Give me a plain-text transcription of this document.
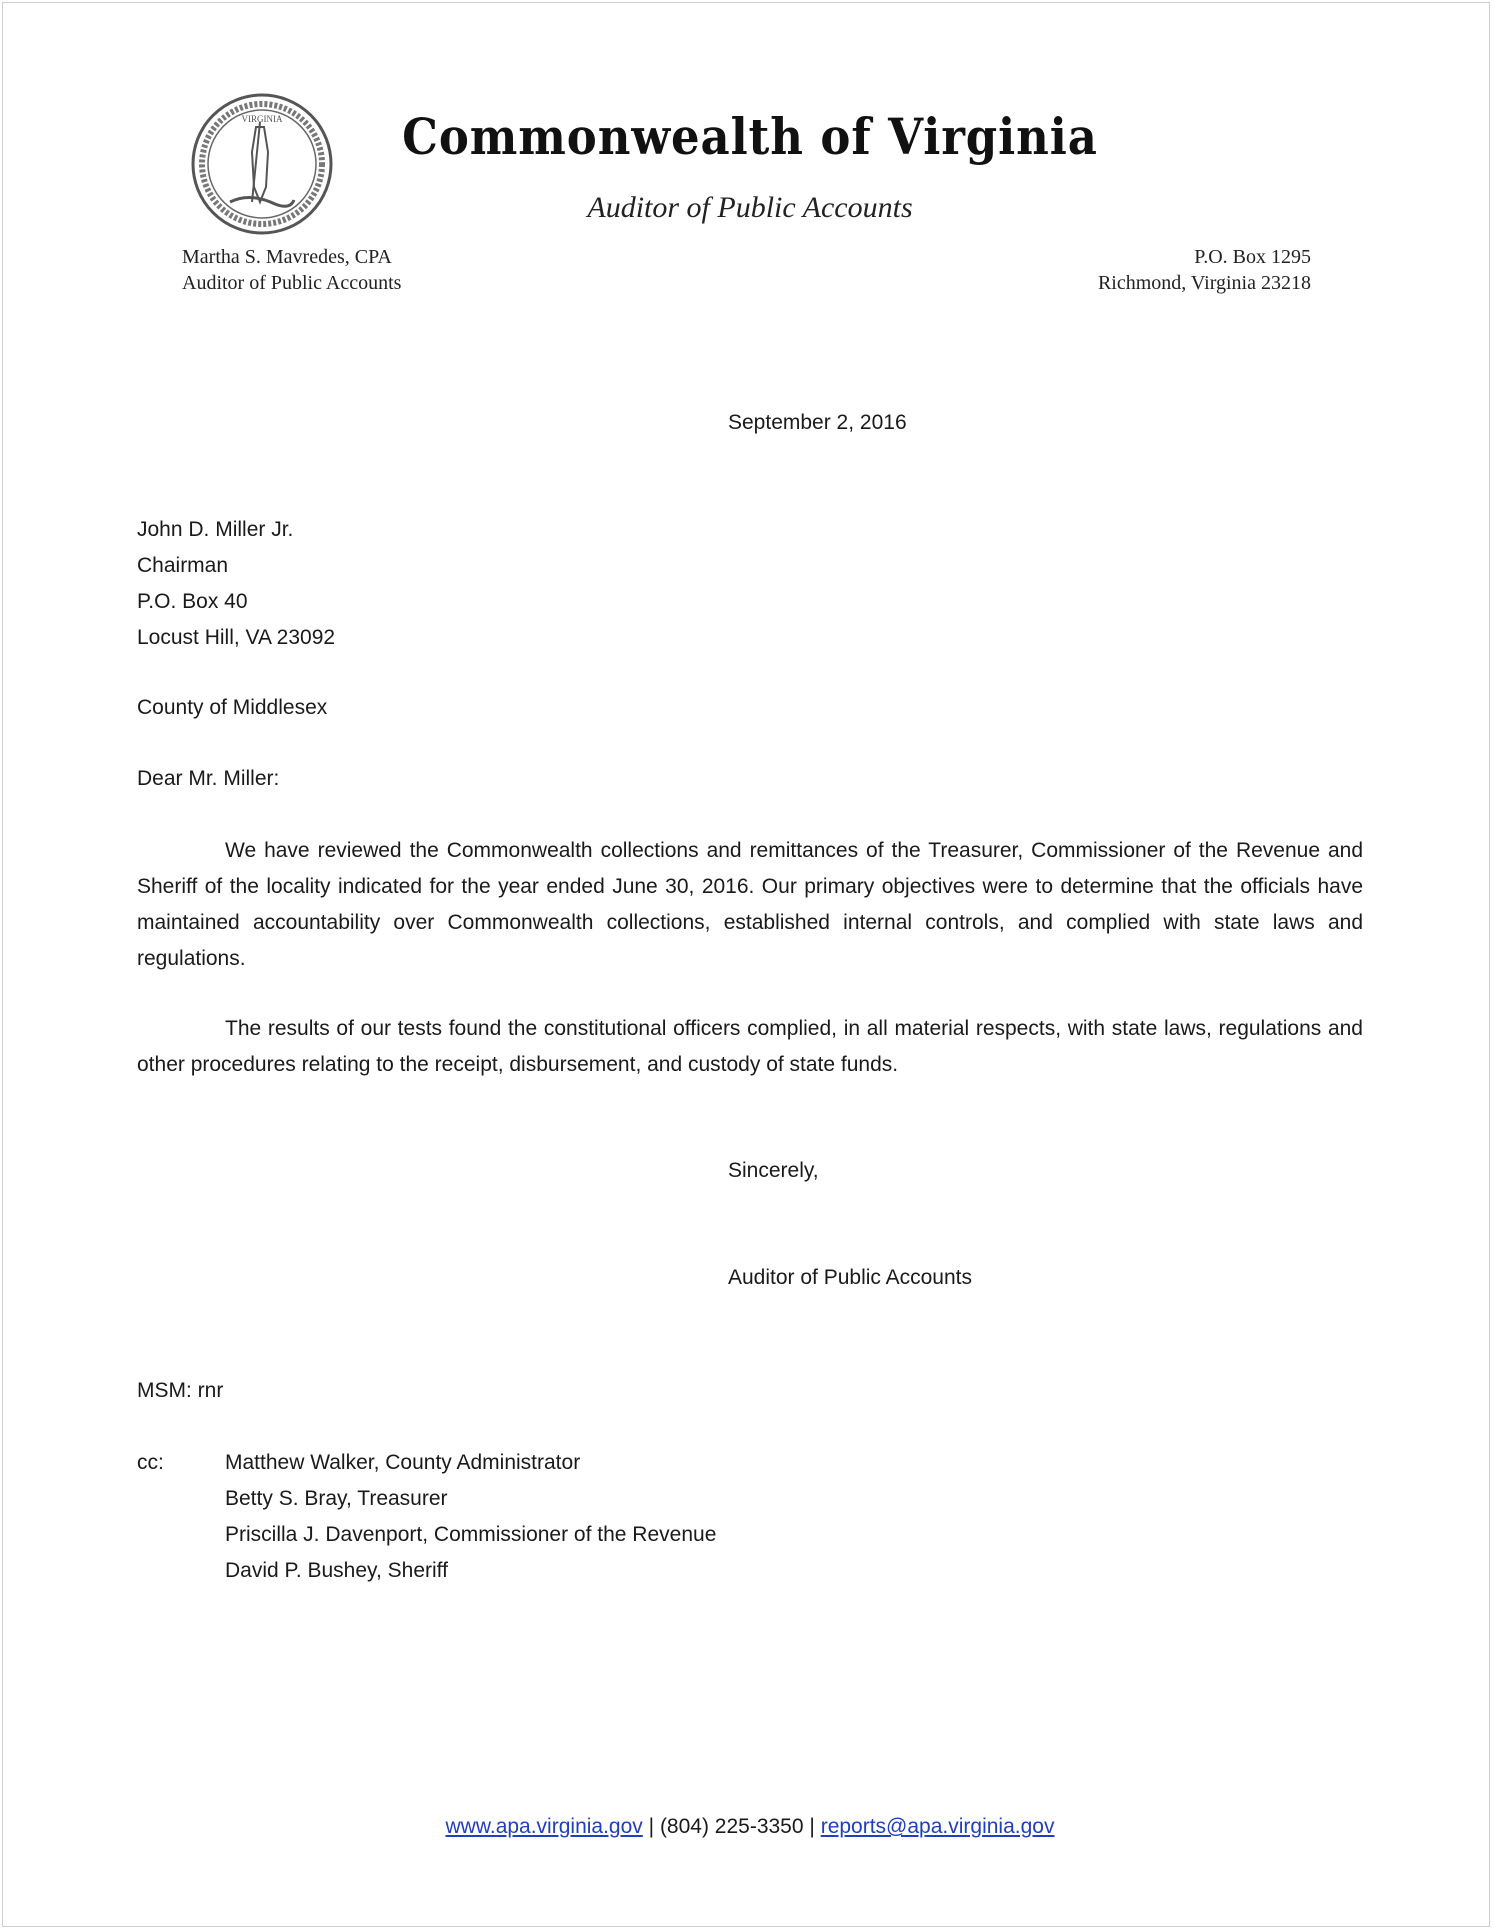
VIRGINIA	Commonwealth of Virginia
Auditor of Public Accounts
Martha S. Mavredes, CPA
Auditor of Public Accounts
P.O. Box 1295
Richmond, Virginia 23218
September 2, 2016
John D. Miller Jr.
Chairman
P.O. Box 40
Locust Hill, VA 23092
County of Middlesex
Dear Mr. Miller:

We have reviewed the Commonwealth collections and remittances of the Treasurer, Commissioner of the Revenue and Sheriff of the locality indicated for the year ended June 30, 2016. Our primary objectives were to determine that the officials have maintained accountability over Commonwealth collections, established internal controls, and complied with state laws and regulations.

The results of our tests found the constitutional officers complied, in all material respects, with state laws, regulations and other procedures relating to the receipt, disbursement, and custody of state funds.

Sincerely,
Auditor of Public Accounts
MSM: rnr
cc:	Matthew Walker, County Administrator
Betty S. Bray, Treasurer
Priscilla J. Davenport, Commissioner of the Revenue
David P. Bushey, Sheriff
www.apa.virginia.gov | (804) 225-3350 | reports@apa.virginia.gov
